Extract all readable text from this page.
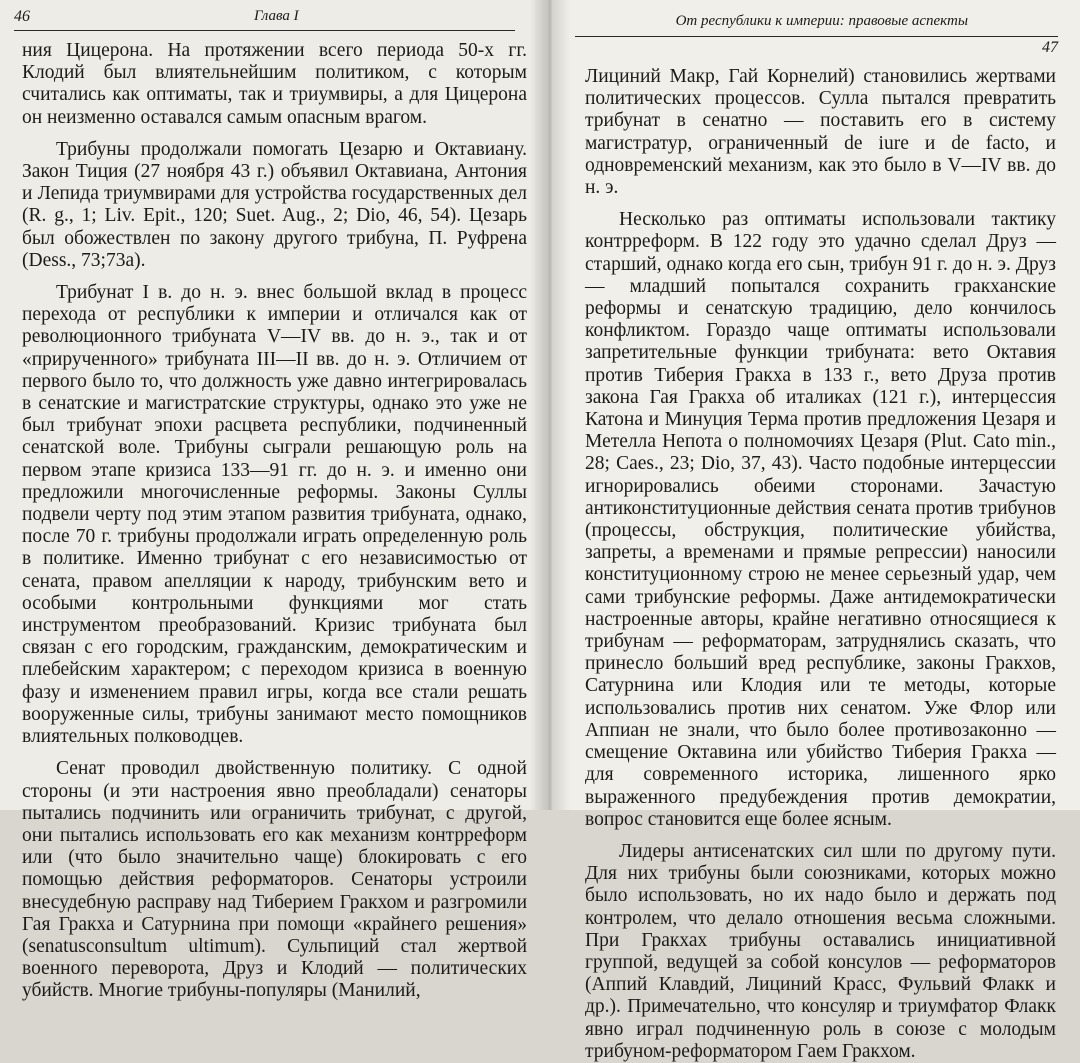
46	Глава I

ния Цицерона. На протяжении всего периода 50-х гг. Клодий был влиятельнейшим политиком, с которым считались как оптиматы, так и триумвиры, а для Цицерона он неизменно оставался самым опасным врагом.

Трибуны продолжали помогать Цезарю и Октавиану. Закон Тиция (27 ноября 43 г.) объявил Октавиана, Антония и Лепида триумвирами для устройства государственных дел (R. g., 1; Liv. Epit., 120; Suet. Aug., 2; Dio, 46, 54). Цезарь был обожествлен по закону другого трибуна, П. Руфрена (Dess., 73;73a).

Трибунат I в. до н. э. внес большой вклад в процесс перехода от республики к империи и отличался как от революционного трибуната V—IV вв. до н. э., так и от «прирученного» трибуната III—II вв. до н. э. Отличием от первого было то, что должность уже давно интегрировалась в сенатские и магистратские структуры, однако это уже не был трибунат эпохи расцвета республики, подчиненный сенатской воле. Трибуны сыграли решающую роль на первом этапе кризиса 133—91 гг. до н. э. и именно они предложили многочисленные реформы. Законы Суллы подвели черту под этим этапом развития трибуната, однако, после 70 г. трибуны продолжали играть определенную роль в политике. Именно трибунат с его независимостью от сената, правом апелляции к народу, трибунским вето и особыми контрольными функциями мог стать инструментом преобразований. Кризис трибуната был связан с его городским, гражданским, демократическим и плебейским характером; с переходом кризиса в военную фазу и изменением правил игры, когда все стали решать вооруженные силы, трибуны занимают место помощников влиятельных полководцев.

Сенат проводил двойственную политику. С одной стороны (и эти настроения явно преобладали) сенаторы пытались подчинить или ограничить трибунат, с другой, они пытались использовать его как механизм контрреформ или (что было значительно чаще) блокировать с его помощью действия реформаторов. Сенаторы устроили внесудебную расправу над Тиберием Гракхом и разгромили Гая Гракха и Сатурнина при помощи «крайнего решения» (senatusconsultum ultimum). Сульпиций стал жертвой военного переворота, Друз и Клодий — политических убийств. Многие трибуны-популяры (Манилий,

От республики к империи: правовые аспекты
47

Лициний Макр, Гай Корнелий) становились жертвами политических процессов. Сулла пытался превратить трибунат в сенатно — поставить его в систему магистратур, ограниченный de iure и de facto, и одновременский механизм, как это было в V—IV вв. до н. э.

Несколько раз оптиматы использовали тактику контрреформ. В 122 году это удачно сделал Друз — старший, однако когда его сын, трибун 91 г. до н. э. Друз — младший попытался сохранить гракханские реформы и сенатскую традицию, дело кончилось конфликтом. Гораздо чаще оптиматы использовали запретительные функции трибуната: вето Октавия против Тиберия Гракха в 133 г., вето Друза против закона Гая Гракха об италиках (121 г.), интерцессия Катона и Минуция Терма против предложения Цезаря и Метелла Непота о полномочиях Цезаря (Plut. Cato min., 28; Caes., 23; Dio, 37, 43). Часто подобные интерцессии игнорировались обеими сторонами. Зачастую антиконституционные действия сената против трибунов (процессы, обструкция, политические убийства, запреты, а временами и прямые репрессии) наносили конституционному строю не менее серьезный удар, чем сами трибунские реформы. Даже антидемократически настроенные авторы, крайне негативно относящиеся к трибунам — реформаторам, затруднялись сказать, что принесло больший вред республике, законы Гракхов, Сатурнина или Клодия или те методы, которые использовались против них сенатом. Уже Флор или Аппиан не знали, что было более противозаконно — смещение Октавина или убийство Тиберия Гракха — для современного историка, лишенного ярко выраженного предубеждения против демократии, вопрос становится еще более ясным.

Лидеры антисенатских сил шли по другому пути. Для них трибуны были союзниками, которых можно было использовать, но их надо было и держать под контролем, что делало отношения весьма сложными. При Гракхах трибуны оставались инициативной группой, ведущей за собой консулов — реформаторов (Аппий Клавдий, Лициний Красс, Фульвий Флакк и др.). Примечательно, что консуляр и триумфатор Флакк явно играл подчиненную роль в союзе с молодым трибуном-реформатором Гаем Гракхом.
